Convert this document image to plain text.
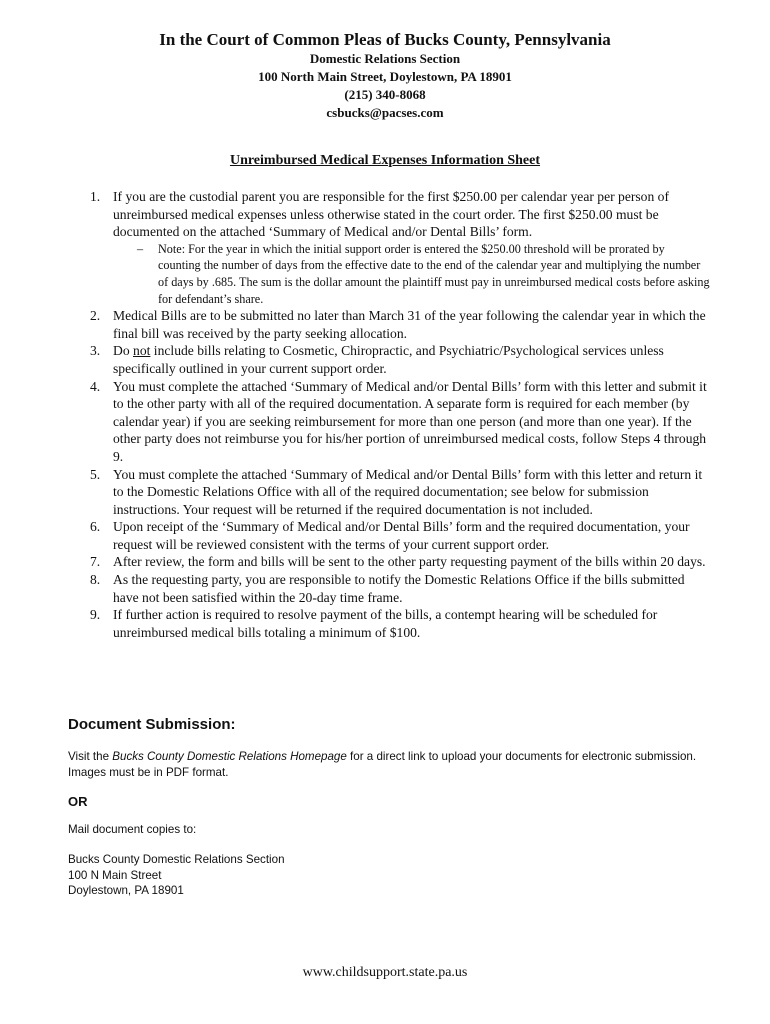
In the Court of Common Pleas of Bucks County, Pennsylvania
Domestic Relations Section
100 North Main Street, Doylestown, PA 18901
(215) 340-8068
csbucks@pacses.com
Unreimbursed Medical Expenses Information Sheet
1. If you are the custodial parent you are responsible for the first $250.00 per calendar year per person of unreimbursed medical expenses unless otherwise stated in the court order. The first $250.00 must be documented on the attached ‘Summary of Medical and/or Dental Bills’ form.
– Note: For the year in which the initial support order is entered the $250.00 threshold will be prorated by counting the number of days from the effective date to the end of the calendar year and multiplying the number of days by .685. The sum is the dollar amount the plaintiff must pay in unreimbursed medical costs before asking for defendant’s share.
2. Medical Bills are to be submitted no later than March 31 of the year following the calendar year in which the final bill was received by the party seeking allocation.
3. Do not include bills relating to Cosmetic, Chiropractic, and Psychiatric/Psychological services unless specifically outlined in your current support order.
4. You must complete the attached ‘Summary of Medical and/or Dental Bills’ form with this letter and submit it to the other party with all of the required documentation. A separate form is required for each member (by calendar year) if you are seeking reimbursement for more than one person (and more than one year). If the other party does not reimburse you for his/her portion of unreimbursed medical costs, follow Steps 4 through 9.
5. You must complete the attached ‘Summary of Medical and/or Dental Bills’ form with this letter and return it to the Domestic Relations Office with all of the required documentation; see below for submission instructions. Your request will be returned if the required documentation is not included.
6. Upon receipt of the ‘Summary of Medical and/or Dental Bills’ form and the required documentation, your request will be reviewed consistent with the terms of your current support order.
7. After review, the form and bills will be sent to the other party requesting payment of the bills within 20 days.
8. As the requesting party, you are responsible to notify the Domestic Relations Office if the bills submitted have not been satisfied within the 20-day time frame.
9. If further action is required to resolve payment of the bills, a contempt hearing will be scheduled for unreimbursed medical bills totaling a minimum of $100.
Document Submission:
Visit the Bucks County Domestic Relations Homepage for a direct link to upload your documents for electronic submission. Images must be in PDF format.
OR
Mail document copies to:
Bucks County Domestic Relations Section
100 N Main Street
Doylestown, PA 18901
www.childsupport.state.pa.us
